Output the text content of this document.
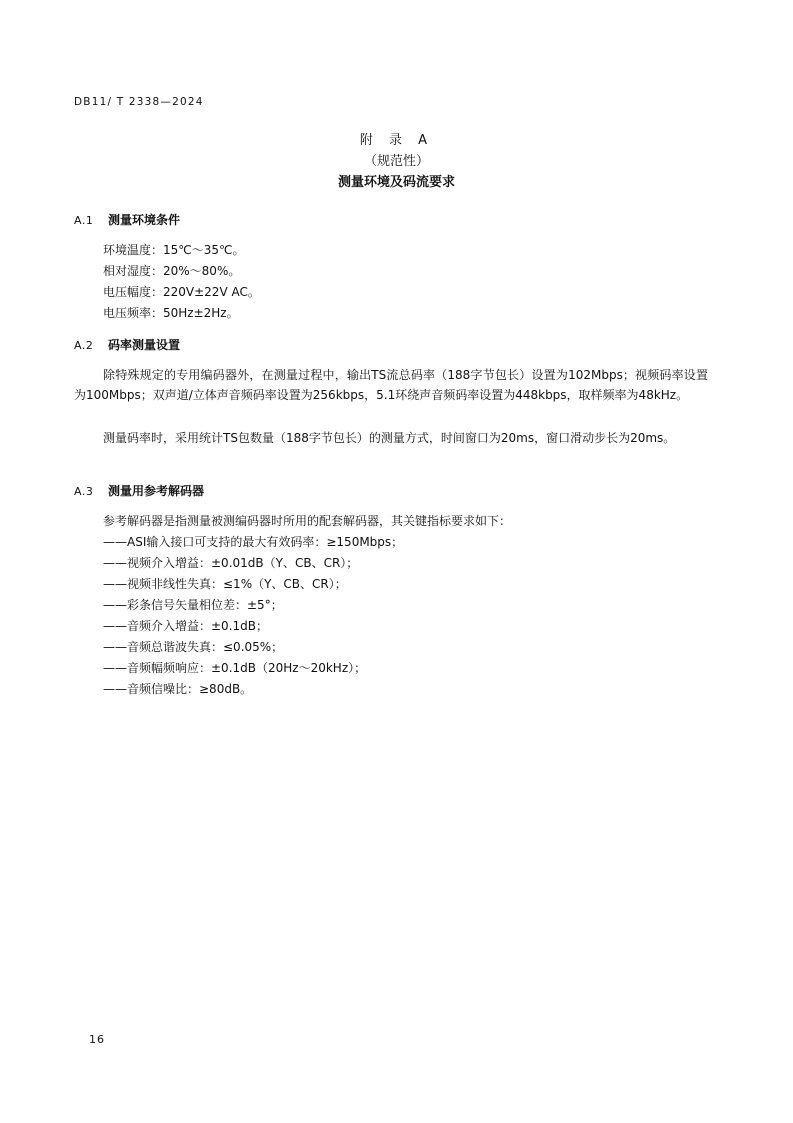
DB11/ T 2338—2024
附 录 A
（规范性）
测量环境及码流要求
A.1 测量环境条件
环境温度：15℃～35℃。
相对湿度：20%～80%。
电压幅度：220V±22V AC。
电压频率：50Hz±2Hz。
A.2 码率测量设置
除特殊规定的专用编码器外，在测量过程中，输出TS流总码率（188字节包长）设置为102Mbps；视频码率设置为100Mbps；双声道/立体声音频码率设置为256kbps，5.1环绕声音频码率设置为448kbps，取样频率为48kHz。
测量码率时，采用统计TS包数量（188字节包长）的测量方式，时间窗口为20ms，窗口滑动步长为20ms。
A.3 测量用参考解码器
参考解码器是指测量被测编码器时所用的配套解码器，其关键指标要求如下：
——ASI输入接口可支持的最大有效码率：≥150Mbps；
——视频介入增益：±0.01dB（Y、CB、CR）；
——视频非线性失真：≤1%（Y、CB、CR）；
——彩条信号矢量相位差：±5°；
——音频介入增益：±0.1dB；
——音频总谐波失真：≤0.05%；
——音频幅频响应：±0.1dB（20Hz～20kHz）；
——音频信噪比：≥80dB。
16
